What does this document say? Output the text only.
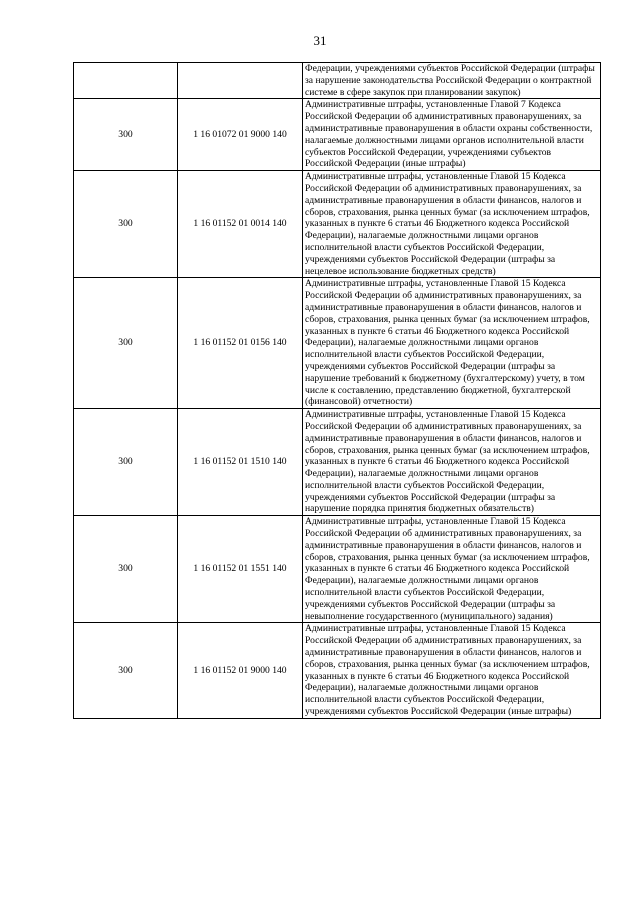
31
		Федерации, учреждениями субъектов Российской Федерации (штрафы за нарушение законодательства Российской Федерации о контрактной системе в сфере закупок при планировании закупок)
300	1 16 01072 01 9000 140	Административные штрафы, установленные Главой 7 Кодекса Российской Федерации об административных правонарушениях, за административные правонарушения в области охраны собственности, налагаемые должностными лицами органов исполнительной власти субъектов Российской Федерации, учреждениями субъектов Российской Федерации (иные штрафы)
300	1 16 01152 01 0014 140	Административные штрафы, установленные Главой 15 Кодекса Российской Федерации об административных правонарушениях, за административные правонарушения в области финансов, налогов и сборов, страхования, рынка ценных бумаг (за исключением штрафов, указанных в пункте 6 статьи 46 Бюджетного кодекса Российской Федерации), налагаемые должностными лицами органов исполнительной власти субъектов Российской Федерации, учреждениями субъектов Российской Федерации (штрафы за нецелевое использование бюджетных средств)
300	1 16 01152 01 0156 140	Административные штрафы, установленные Главой 15 Кодекса Российской Федерации об административных правонарушениях, за административные правонарушения в области финансов, налогов и сборов, страхования, рынка ценных бумаг (за исключением штрафов, указанных в пункте 6 статьи 46 Бюджетного кодекса Российской Федерации), налагаемые должностными лицами органов исполнительной власти субъектов Российской Федерации, учреждениями субъектов Российской Федерации (штрафы за нарушение требований к бюджетному (бухгалтерскому) учету, в том числе к составлению, представлению бюджетной, бухгалтерской (финансовой) отчетности)
300	1 16 01152 01 1510 140	Административные штрафы, установленные Главой 15 Кодекса Российской Федерации об административных правонарушениях, за административные правонарушения в области финансов, налогов и сборов, страхования, рынка ценных бумаг (за исключением штрафов, указанных в пункте 6 статьи 46 Бюджетного кодекса Российской Федерации), налагаемые должностными лицами органов исполнительной власти субъектов Российской Федерации, учреждениями субъектов Российской Федерации (штрафы за нарушение порядка принятия бюджетных обязательств)
300	1 16 01152 01 1551 140	Административные штрафы, установленные Главой 15 Кодекса Российской Федерации об административных правонарушениях, за административные правонарушения в области финансов, налогов и сборов, страхования, рынка ценных бумаг (за исключением штрафов, указанных в пункте 6 статьи 46 Бюджетного кодекса Российской Федерации), налагаемые должностными лицами органов исполнительной власти субъектов Российской Федерации, учреждениями субъектов Российской Федерации (штрафы за невыполнение государственного (муниципального) задания)
300	1 16 01152 01 9000 140	Административные штрафы, установленные Главой 15 Кодекса Российской Федерации об административных правонарушениях, за административные правонарушения в области финансов, налогов и сборов, страхования, рынка ценных бумаг (за исключением штрафов, указанных в пункте 6 статьи 46 Бюджетного кодекса Российской Федерации), налагаемые должностными лицами органов исполнительной власти субъектов Российской Федерации, учреждениями субъектов Российской Федерации (иные штрафы)
